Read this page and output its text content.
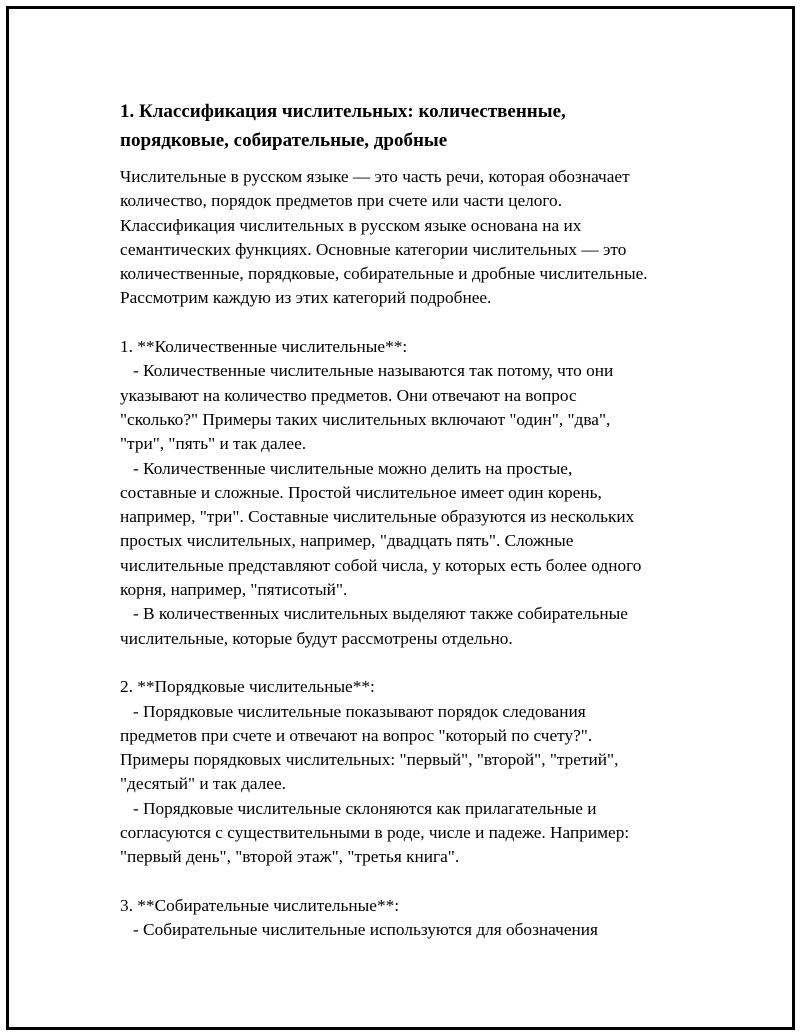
1. Классификация числительных: количественные,
порядковые, собирательные, дробные

Числительные в русском языке — это часть речи, которая обозначает
количество, порядок предметов при счете или части целого.
Классификация числительных в русском языке основана на их
семантических функциях. Основные категории числительных — это
количественные, порядковые, собирательные и дробные числительные.
Рассмотрим каждую из этих категорий подробнее.

1. **Количественные числительные**:
- Количественные числительные называются так потому, что они
указывают на количество предметов. Они отвечают на вопрос
"сколько?" Примеры таких числительных включают "один", "два",
"три", "пять" и так далее.
- Количественные числительные можно делить на простые,
составные и сложные. Простой числительное имеет один корень,
например, "три". Составные числительные образуются из нескольких
простых числительных, например, "двадцать пять". Сложные
числительные представляют собой числа, у которых есть более одного
корня, например, "пятисотый".
- В количественных числительных выделяют также собирательные
числительные, которые будут рассмотрены отдельно.

2. **Порядковые числительные**:
- Порядковые числительные показывают порядок следования
предметов при счете и отвечают на вопрос "который по счету?".
Примеры порядковых числительных: "первый", "второй", "третий",
"десятый" и так далее.
- Порядковые числительные склоняются как прилагательные и
согласуются с существительными в роде, числе и падеже. Например:
"первый день", "второй этаж", "третья книга".

3. **Собирательные числительные**:
- Собирательные числительные используются для обозначения
